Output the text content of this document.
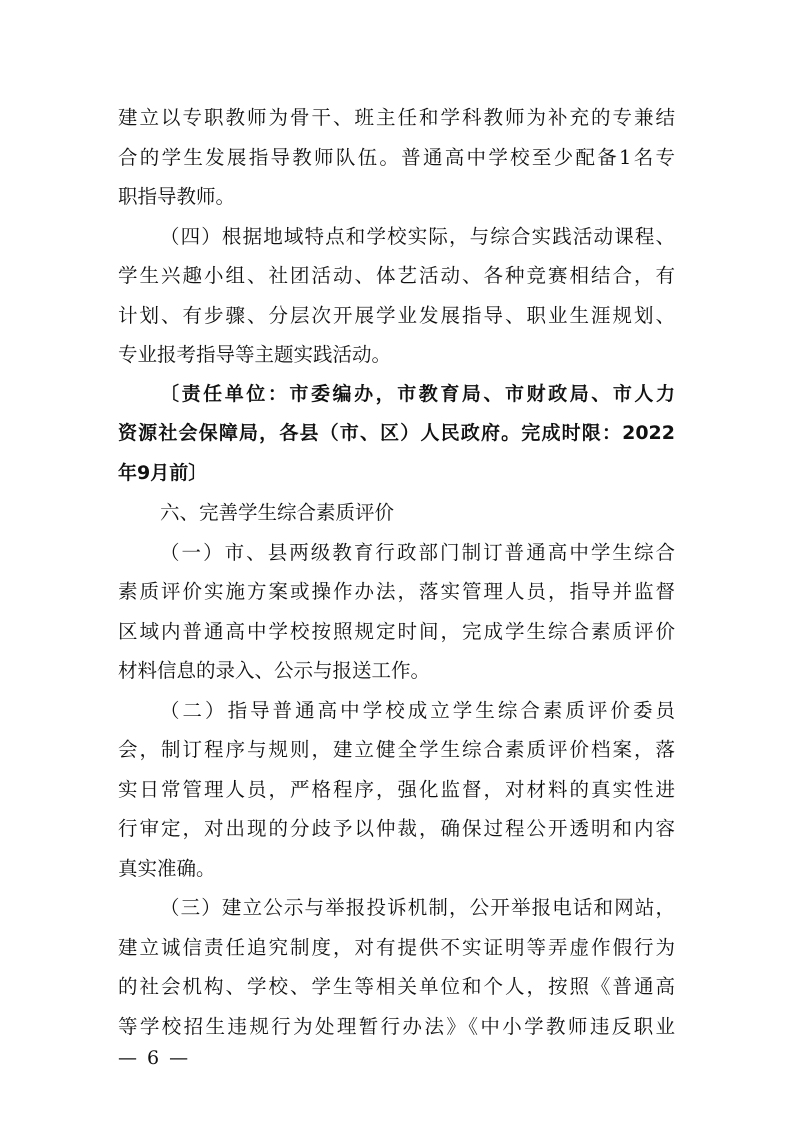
建立以专职教师为骨干、班主任和学科教师为补充的专兼结
合的学生发展指导教师队伍。普通高中学校至少配备1名专
职指导教师。
（四）根据地域特点和学校实际，与综合实践活动课程、
学生兴趣小组、社团活动、体艺活动、各种竞赛相结合，有
计划、有步骤、分层次开展学业发展指导、职业生涯规划、
专业报考指导等主题实践活动。
〔责任单位：市委编办，市教育局、市财政局、市人力
资源社会保障局，各县（市、区）人民政府。完成时限：2022
年9月前〕
六、完善学生综合素质评价
（一）市、县两级教育行政部门制订普通高中学生综合
素质评价实施方案或操作办法，落实管理人员，指导并监督
区域内普通高中学校按照规定时间，完成学生综合素质评价
材料信息的录入、公示与报送工作。
（二）指导普通高中学校成立学生综合素质评价委员
会，制订程序与规则，建立健全学生综合素质评价档案，落
实日常管理人员，严格程序，强化监督，对材料的真实性进
行审定，对出现的分歧予以仲裁，确保过程公开透明和内容
真实准确。
（三）建立公示与举报投诉机制，公开举报电话和网站，
建立诚信责任追究制度，对有提供不实证明等弄虚作假行为
的社会机构、学校、学生等相关单位和个人，按照《普通高
等学校招生违规行为处理暂行办法》《中小学教师违反职业
— 6 —
